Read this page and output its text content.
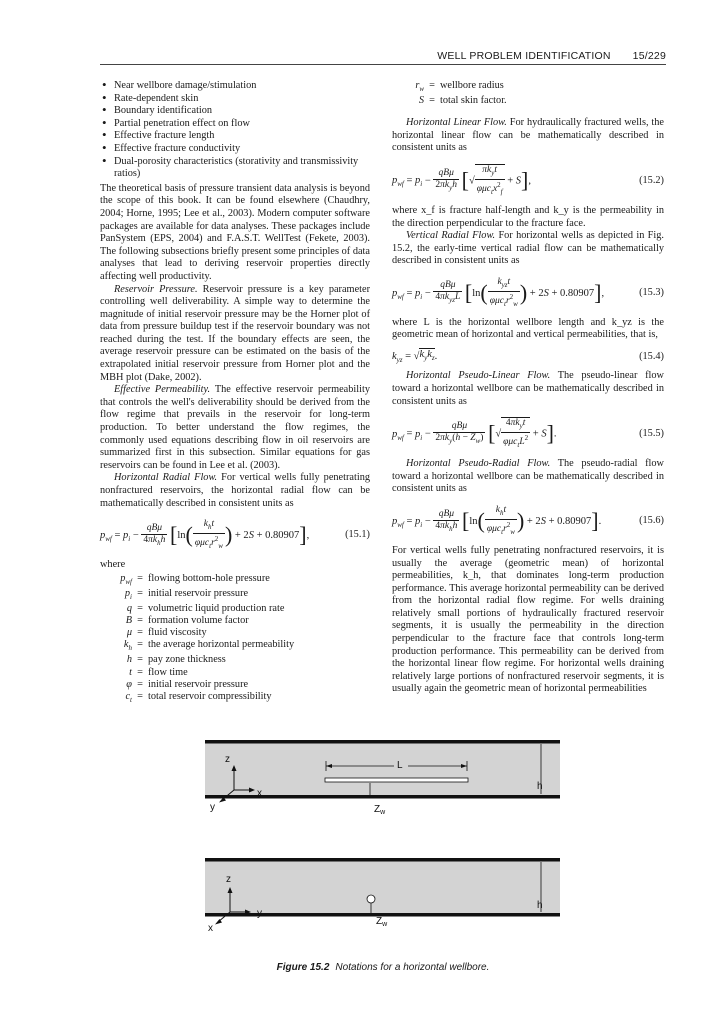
WELL PROBLEM IDENTIFICATION 15/229
• Near wellbore damage/stimulation
• Rate-dependent skin
• Boundary identification
• Partial penetration effect on flow
• Effective fracture length
• Effective fracture conductivity
• Dual-porosity characteristics (storativity and transmissivity ratios)

The theoretical basis of pressure transient data analysis is beyond the scope of this book. It can be found elsewhere (Chaudhry, 2004; Horne, 1995; Lee et al., 2003). Modern computer software packages are available for data analyses. These packages include PanSystem (EPS, 2004) and F.A.S.T. WellTest (Fekete, 2003). The following subsections briefly present some principles of data analyses that lead to deriving reservoir properties directly affecting well productivity.

Reservoir Pressure. Reservoir pressure is a key parameter controlling well deliverability. A simple way to determine the magnitude of initial reservoir pressure may be the Horner plot of data from pressure buildup test if the reservoir boundary was not reached during the test. If the boundary effects are seen, the average reservoir pressure can be estimated on the basis of the extrapolated initial reservoir pressure from Horner plot and the MBH plot (Dake, 2002).

Effective Permeability. The effective reservoir permeability that controls the well's deliverability should be derived from the flow regime that prevails in the reservoir for long-term production. To better understand the flow regimes, the commonly used equations describing flow in oil reservoirs are summarized first in this subsection. Similar equations for gas reservoirs can be found in Lee et al. (2003).

Horizontal Radial Flow. For vertical wells fully penetrating nonfractured reservoirs, the horizontal radial flow can be mathematically described in consistent units as

$p_{wf} = p_i - \frac{\text{qBμ}}{4\pi k_hh} [\ln( \frac{k_ht}{\varphi\mu c_tr^2_w}$ ) + 2S + 0.80907],	(15.1)

where

$p_{wf}$ = flowing bottom-hole pressure
$p_i$ = initial reservoir pressure
q = volumetric liquid production rate
B = formation volume factor
μ = fluid viscosity
$k_h$ = the average horizontal permeability
h = pay zone thickness
t = flow time
φ = initial reservoir pressure
$c_t$ = total reservoir compressibility
$r_w$ = wellbore radius
S = total skin factor.

Horizontal Linear Flow. For hydraulically fractured wells, the horizontal linear flow can be mathematically described in consistent units as

$p_{wf} = p_i - \frac{\text{qBμ}}{2\pi k_yh}$ [√ $\frac{\pi k_yt}{\varphi\mu c_tx^2_f} + S$],	(15.2)

where x_f is fracture half-length and k_y is the permeability in the direction perpendicular to the fracture face.

Vertical Radial Flow. For horizontal wells as depicted in Fig. 15.2, the early-time vertical radial flow can be mathematically described in consistent units as

$p_{wf} = p_i - \frac{\text{qBμ}}{4\pi k_{yz}L} [\ln( \frac{k_{yz}t}{\varphi\mu c_tr^2_w}$ ) + 2S + 0.80907],	(15.3)

where L is the horizontal wellbore length and k_yz is the geometric mean of horizontal and vertical permeabilities, that is,

$k_{yz} = √k_yk_z$.	(15.4)

Horizontal Pseudo-Linear Flow. The pseudo-linear flow toward a horizontal wellbore can be mathematically described in consistent units as

$p_{wf} = p_i - \frac{\text{qBμ}}{2\pi k_y(h - Z_w)}$ [√ $\frac{4\pi k_yt}{\varphi\mu c_tL^2} + S$].	(15.5)

Horizontal Pseudo-Radial Flow. The pseudo-radial flow toward a horizontal wellbore can be mathematically described in consistent units as

$p_{wf} = p_i - \frac{\text{qBμ}}{4\pi k_hh} [\ln( \frac{k_ht}{\varphi\mu c_tr^2_w}$ ) + 2S + 0.80907].	(15.6)

For vertical wells fully penetrating nonfractured reservoirs, it is usually the average (geometric mean) of horizontal permeabilities, k_h, that dominates long-term production performance. This average horizontal permeability can be derived from the horizontal radial flow regime. For wells draining relatively small portions of hydraulically fractured reservoir segments, it is usually the permeability in the direction perpendicular to the fracture face that controls long-term production performance. This permeability can be derived from the horizontal linear flow regime. For horizontal wells draining relatively large portions of nonfractured reservoir segments, it is usually again the geometric mean of horizontal permeabilities

z
x
y
L
$Z_w$
h
z
y
x
$Z_w$
h
Figure 15.2 Notations for a horizontal wellbore.
